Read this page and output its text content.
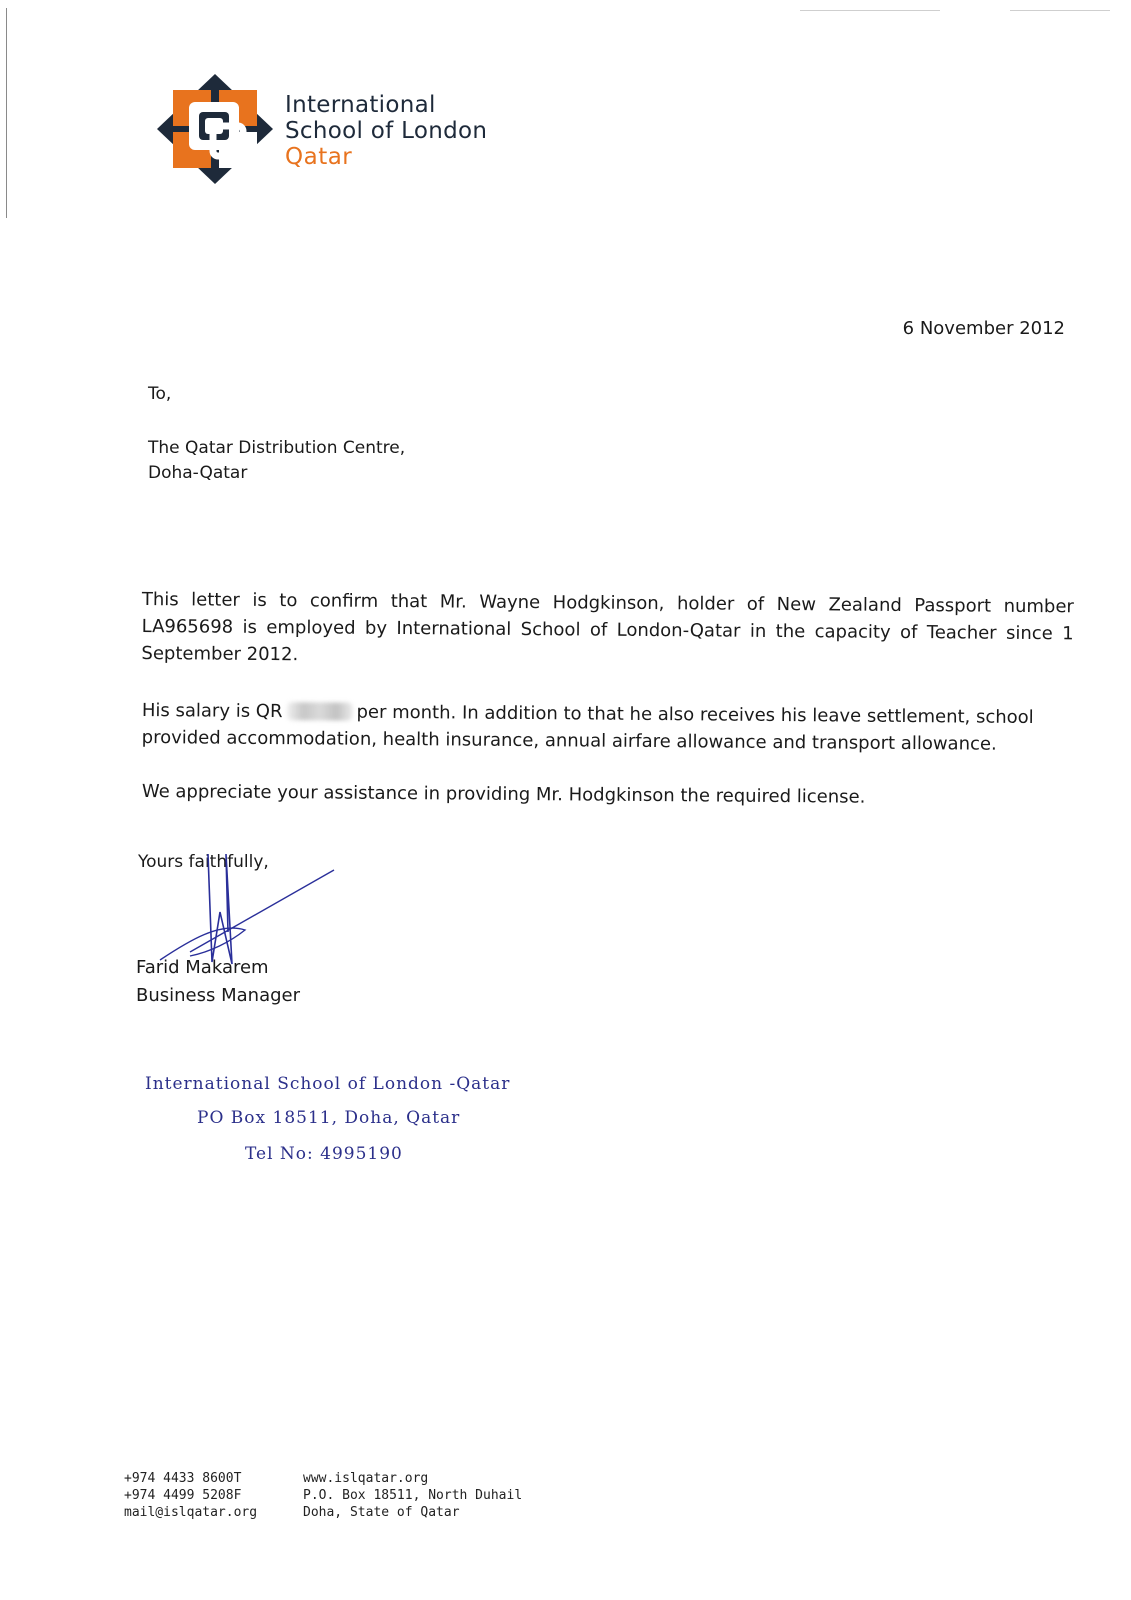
International
School of London
Qatar
6 November 2012
To,
The Qatar Distribution Centre,
Doha-Qatar
This letter is to confirm that Mr. Wayne Hodgkinson, holder of New Zealand Passport number LA965698 is employed by International School of London-Qatar in the capacity of Teacher since 1 September 2012.
His salary is QR	per month. In addition to that he also receives his leave settlement, school provided accommodation, health insurance, annual airfare allowance and transport allowance.
We appreciate your assistance in providing Mr. Hodgkinson the required license.
Yours faithfully,
Farid Makarem
Business Manager
International School of London -Qatar
PO Box 18511, Doha, Qatar
Tel No: 4995190
+974 4433 8600T
+974 4499 5208F
mail@islqatar.org
www.islqatar.org
P.O. Box 18511, North Duhail
Doha, State of Qatar
